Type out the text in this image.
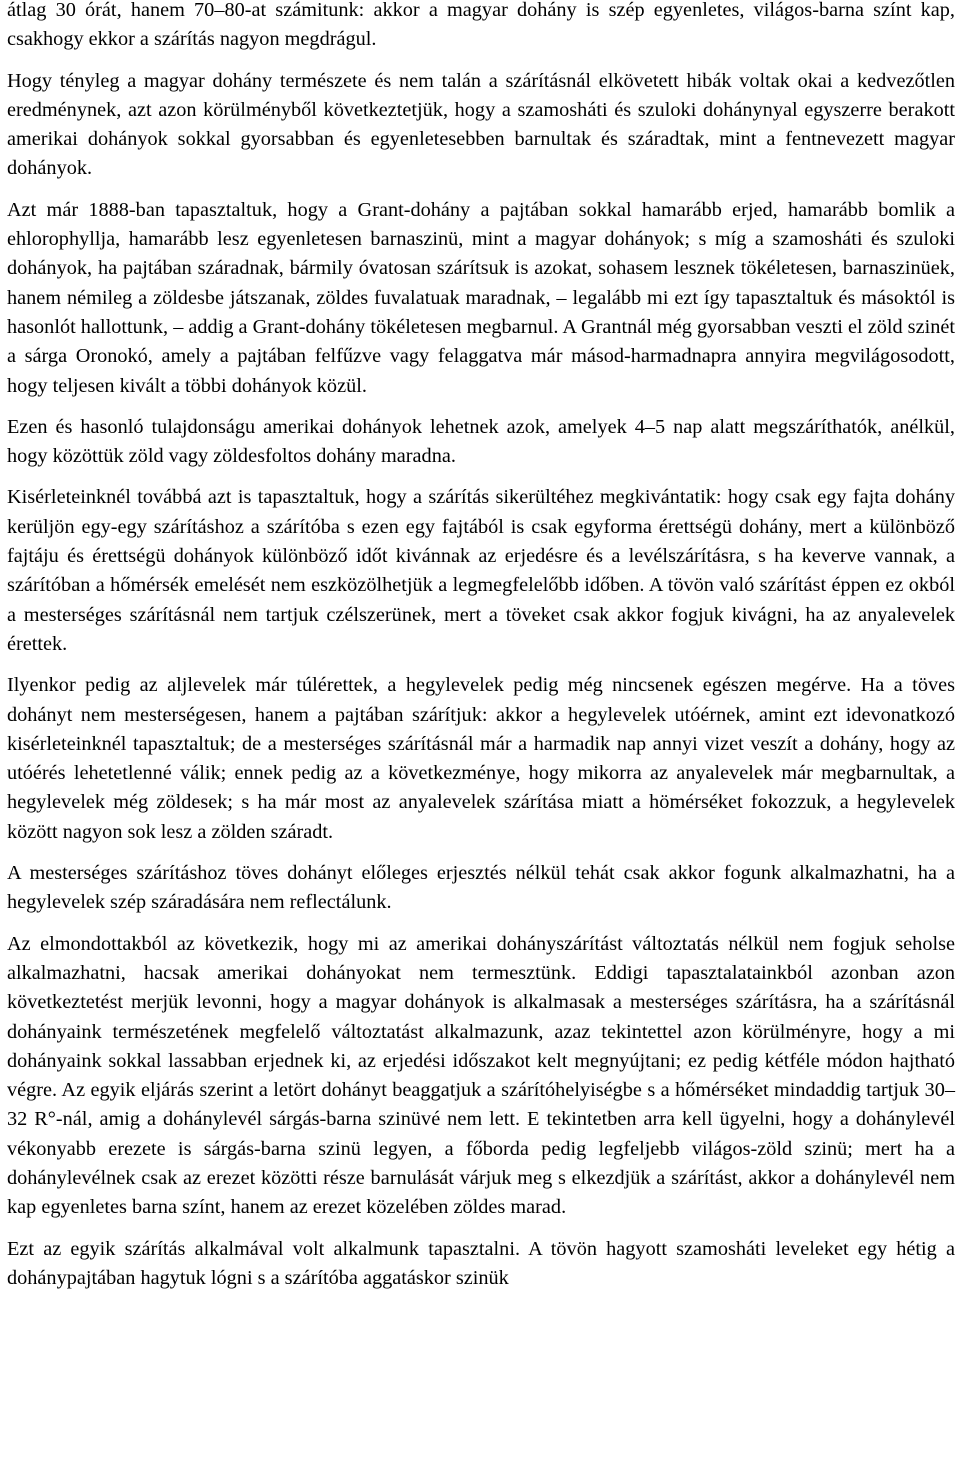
átlag 30 órát, hanem 70–80-at számitunk: akkor a magyar dohány is szép egyenletes, világos-barna színt kap, csakhogy ekkor a szárítás nagyon megdrágul.

Hogy tényleg a magyar dohány természete és nem talán a szárításnál elkövetett hibák voltak okai a kedvezőtlen eredménynek, azt azon körülményből következtetjük, hogy a szamosháti és szuloki dohánynyal egyszerre berakott amerikai dohányok sokkal gyorsabban és egyenletesebben barnultak és száradtak, mint a fentnevezett magyar dohányok.

Azt már 1888-ban tapasztaltuk, hogy a Grant-dohány a pajtában sokkal hamarább erjed, hamarább bomlik a ehlorophyllja, hamarább lesz egyenletesen barnaszinü, mint a magyar dohányok; s míg a szamosháti és szuloki dohányok, ha pajtában száradnak, bármily óvatosan szárítsuk is azokat, sohasem lesznek tökéletesen, barnaszinüek, hanem némileg a zöldesbe játszanak, zöldes fuvalatuak maradnak, – legalább mi ezt így tapasztaltuk és másoktól is hasonlót hallottunk, – addig a Grant-dohány tökéletesen megbarnul. A Grantnál még gyorsabban veszti el zöld szinét a sárga Oronokó, amely a pajtában felfűzve vagy felaggatva már másod-harmadnapra annyira megvilágosodott, hogy teljesen kivált a többi dohányok közül.

Ezen és hasonló tulajdonságu amerikai dohányok lehetnek azok, amelyek 4–5 nap alatt megszáríthatók, anélkül, hogy közöttük zöld vagy zöldesfoltos dohány maradna.

Kisérleteinknél továbbá azt is tapasztaltuk, hogy a szárítás sikerültéhez megkivántatik: hogy csak egy fajta dohány kerüljön egy-egy szárításhoz a szárítóba s ezen egy fajtából is csak egyforma érettségü dohány, mert a különböző fajtáju és érettségü dohányok különböző időt kivánnak az erjedésre és a levélszárításra, s ha keverve vannak, a szárítóban a hőmérsék emelését nem eszközölhetjük a legmegfelelőbb időben. A tövön való szárítást éppen ez okból a mesterséges szárításnál nem tartjuk czélszerünek, mert a töveket csak akkor fogjuk kivágni, ha az anyalevelek érettek.

Ilyenkor pedig az aljlevelek már túlérettek, a hegylevelek pedig még nincsenek egészen megérve. Ha a töves dohányt nem mesterségesen, hanem a pajtában szárítjuk: akkor a hegylevelek utóérnek, amint ezt idevonatkozó kisérleteinknél tapasztaltuk; de a mesterséges szárításnál már a harmadik nap annyi vizet veszít a dohány, hogy az utóérés lehetetlenné válik; ennek pedig az a következménye, hogy mikorra az anyalevelek már megbarnultak, a hegylevelek még zöldesek; s ha már most az anyalevelek szárítása miatt a hömérséket fokozzuk, a hegylevelek között nagyon sok lesz a zölden száradt.

A mesterséges szárításhoz töves dohányt előleges erjesztés nélkül tehát csak akkor fogunk alkalmazhatni, ha a hegylevelek szép száradására nem reflectálunk.

Az elmondottakból az következik, hogy mi az amerikai dohányszárítást változtatás nélkül nem fogjuk seholse alkalmazhatni, hacsak amerikai dohányokat nem termesztünk. Eddigi tapasztalatainkból azonban azon következtetést merjük levonni, hogy a magyar dohányok is alkalmasak a mesterséges szárításra, ha a szárításnál dohányaink természetének megfelelő változtatást alkalmazunk, azaz tekintettel azon körülményre, hogy a mi dohányaink sokkal lassabban erjednek ki, az erjedési időszakot kelt megnyújtani; ez pedig kétféle módon hajtható végre. Az egyik eljárás szerint a letört dohányt beaggatjuk a szárítóhelyiségbe s a hőmérséket mindaddig tartjuk 30–32 R°-nál, amig a dohánylevél sárgás-barna szinüvé nem lett. E tekintetben arra kell ügyelni, hogy a dohánylevél vékonyabb erezete is sárgás-barna szinü legyen, a főborda pedig legfeljebb világos-zöld szinü; mert ha a dohánylevélnek csak az erezet közötti része barnulását várjuk meg s elkezdjük a szárítást, akkor a dohánylevél nem kap egyenletes barna színt, hanem az erezet közelében zöldes marad.

Ezt az egyik szárítás alkalmával volt alkalmunk tapasztalni. A tövön hagyott szamosháti leveleket egy hétig a dohánypajtában hagytuk lógni s a szárítóba aggatáskor szinük
